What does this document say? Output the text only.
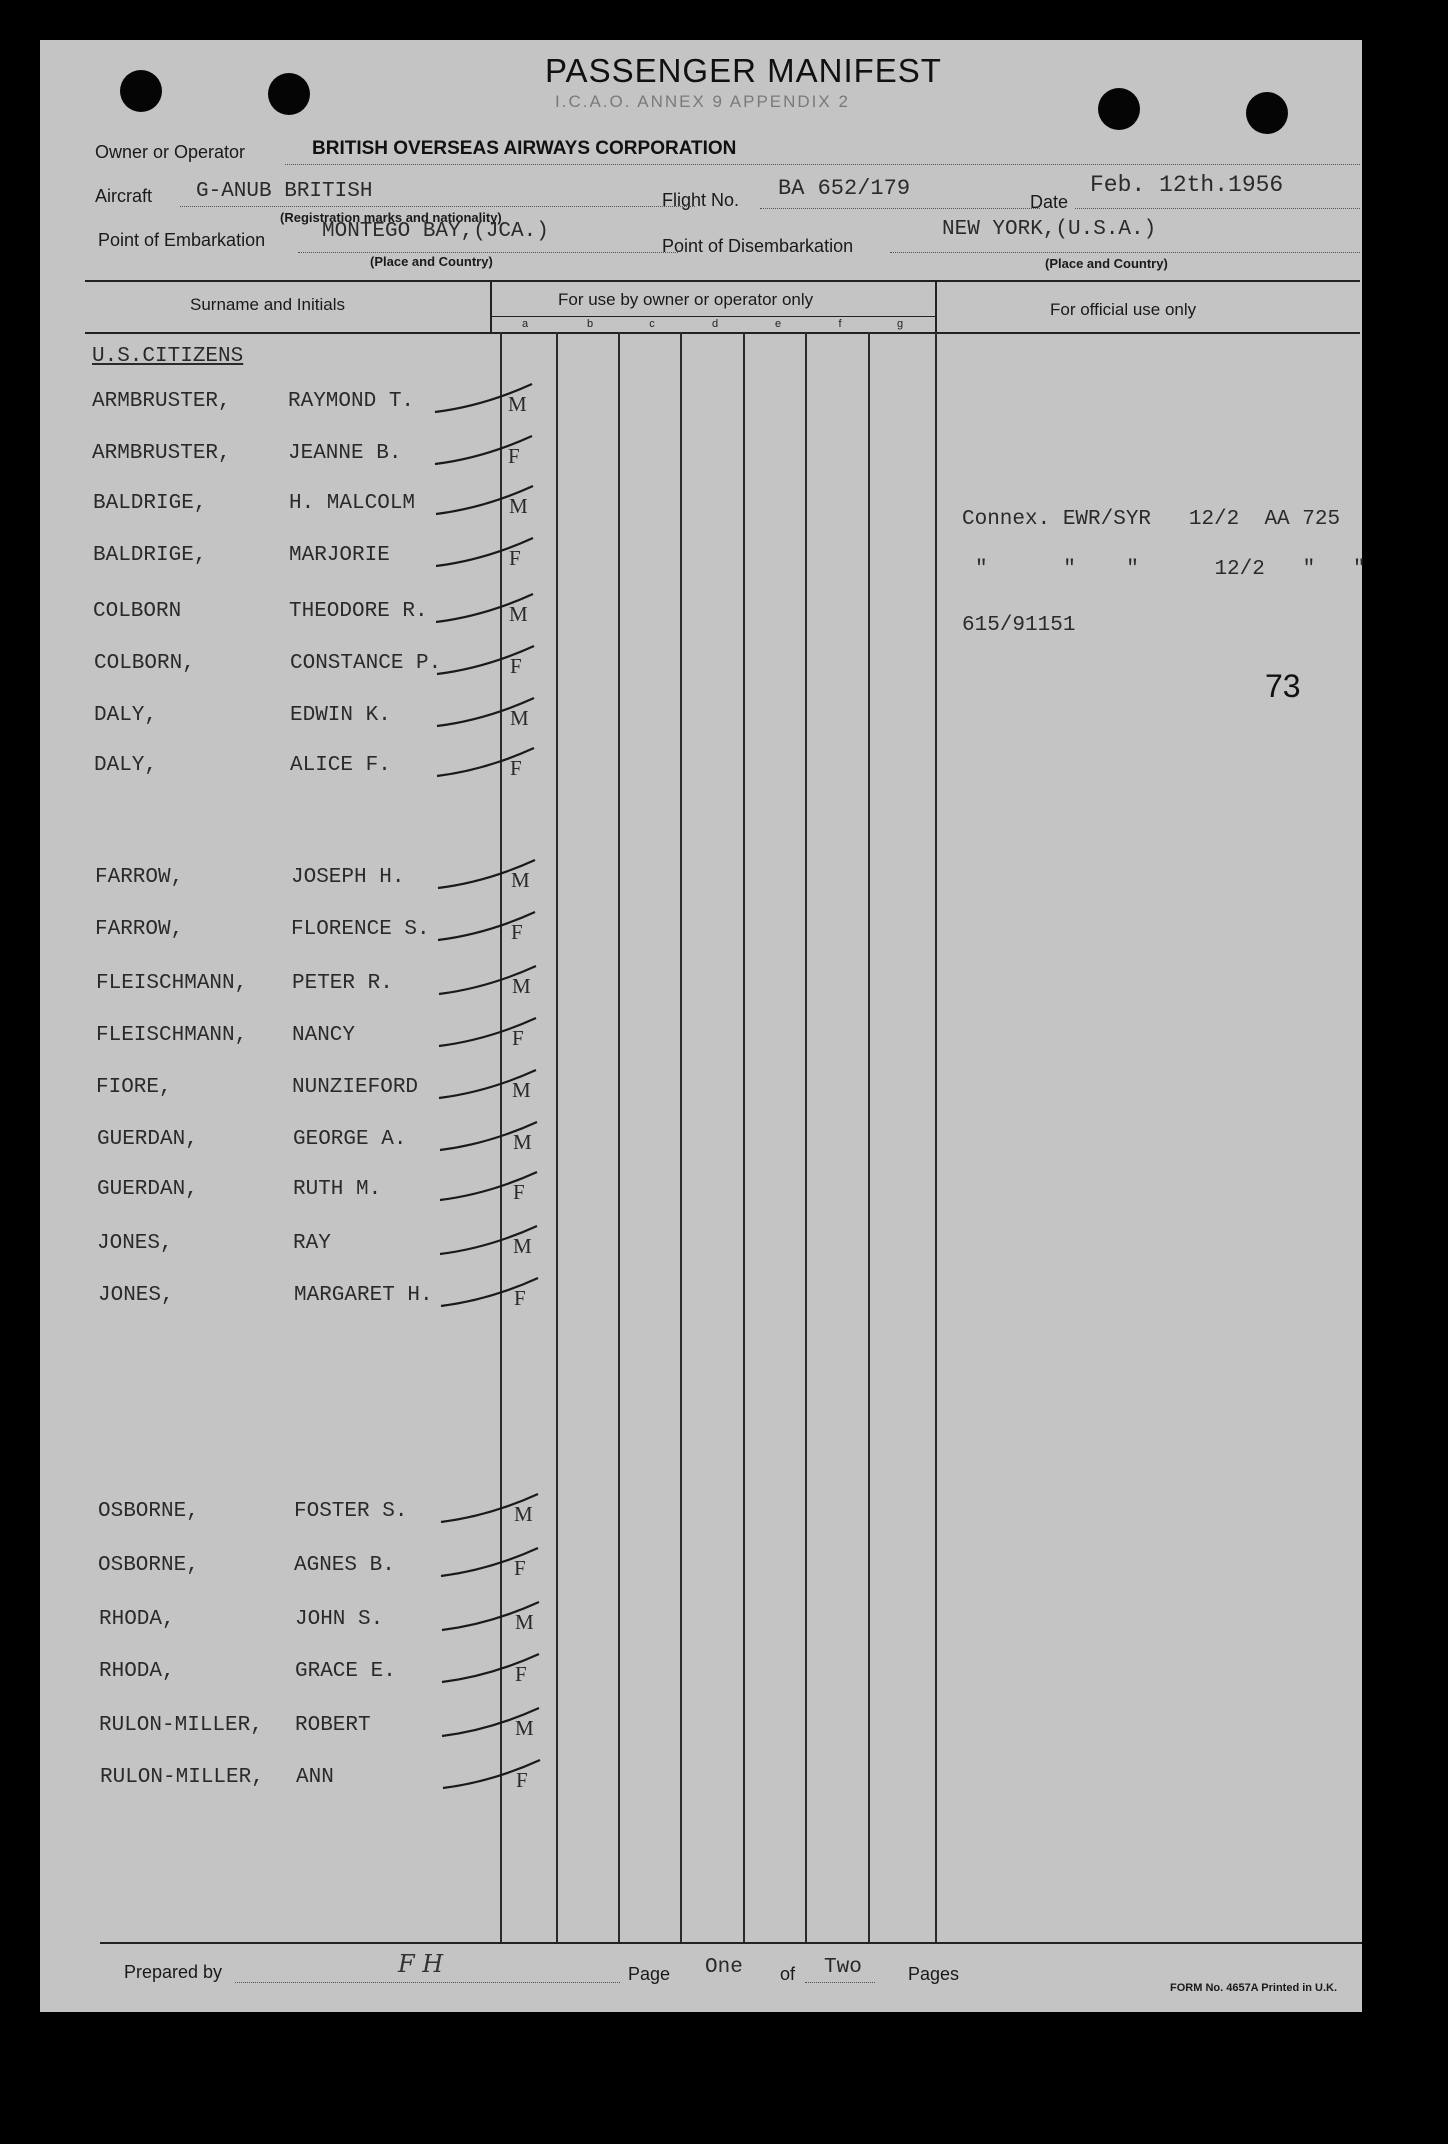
PASSENGER MANIFEST
I.C.A.O. ANNEX 9 APPENDIX 2
Owner or Operator	BRITISH OVERSEAS AIRWAYS CORPORATION
Aircraft G-ANUB BRITISH
(Registration marks and nationality)
Flight No. BA 652/179
Date
Feb. 12th.1956
Point of Embarkation	MONTEGO BAY,(JCA.)
(Place and Country)
Point of Disembarkation
NEW YORK,(U.S.A.)
(Place and Country)
Surname and Initials	For use by owner or operator only
For official use only
a	b	c	d	e	f	g
U.S.CITIZENS
ARMBRUSTER,	RAYMOND T.	M
ARMBRUSTER,	JEANNE B.	F
BALDRIGE,	H. MALCOLM	M
BALDRIGE,	MARJORIE	F
COLBORN	THEODORE R.	M
COLBORN,	CONSTANCE P.	F
DALY,	EDWIN K.	M
DALY,	ALICE F.	F
FARROW,	JOSEPH H.	M
FARROW,	FLORENCE S.	F
FLEISCHMANN, PETER R.	M
FLEISCHMANN, NANCY	F
FIORE,	NUNZIEFORD	M
GUERDAN,	GEORGE A.	M
GUERDAN,	RUTH M.	F
JONES,	RAY	M
JONES,	MARGARET H.	F
OSBORNE,	FOSTER S.	M
OSBORNE,	AGNES B.	F
RHODA,	JOHN S.	M
RHODA,	GRACE E.	F
RULON-MILLER, ROBERT	M
RULON-MILLER, ANN	F
Connex. EWR/SYR   12/2  AA 725
"      "    "      12/2   "   "
615/91151
73
Prepared by	F H	Page One of Two	Pages
FORM No. 4657A Printed in U.K.
